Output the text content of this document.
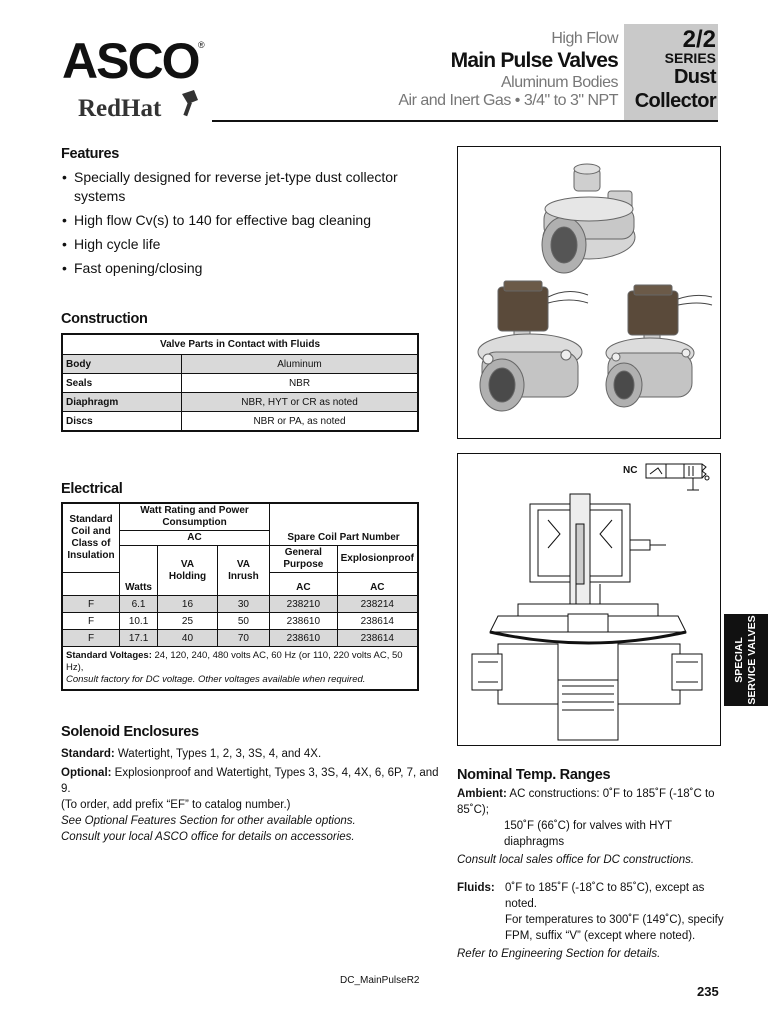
ASCO ®
RedHat
High Flow
Main Pulse Valves
Aluminum Bodies
Air and Inert Gas • 3/4" to 3" NPT
2/2
SERIES
Dust
Collector
Features
• Specially designed for reverse jet-type dust collector systems
• High flow Cv(s) to 140 for effective bag cleaning
• High cycle life
• Fast opening/closing
Construction
Valve Parts in Contact with Fluids	
Body	Aluminum
Seals	NBR
Diaphragm	NBR, HYT or CR as noted
Discs	NBR or PA, as noted
Electrical
Standard Coil and Class of Insulation	Watt Rating and Power Consumption			Spare Coil Part Number	
	AC				
	Watts	VA Holding	VA Inrush	General Purpose	Explosionproof
				AC	AC
F	6.1	16	30	238210	238214
F	10.1	25	50	238610	238614
F	17.1	40	70	238610	238614
Standard Voltages: 24, 120, 240, 480 volts AC, 60 Hz (or 110, 220 volts AC, 50 Hz),
Consult factory for DC voltage. Other voltages available when required.					
Solenoid Enclosures
Standard: Watertight, Types 1, 2, 3, 3S, 4, and 4X.
Optional: Explosionproof and Watertight, Types 3, 3S, 4, 4X, 6, 6P, 7, and 9.
(To order, add prefix “EF” to catalog number.)
See Optional Features Section for other available options.
Consult your local ASCO office for details on accessories.
NC
SPECIAL
SERVICE VALVES
Nominal Temp. Ranges
Ambient: AC constructions: 0˚F to 185˚F (-18˚C to 85˚C);
150˚F (66˚C) for valves with HYT diaphragms
Consult local sales office for DC constructions.
Fluids: 0˚F to 185˚F (-18˚C to 85˚C), except as noted.
For temperatures to 300˚F (149˚C), specify
FPM, suffix “V” (except where noted).
Refer to Engineering Section for details.
DC_MainPulseR2
235
